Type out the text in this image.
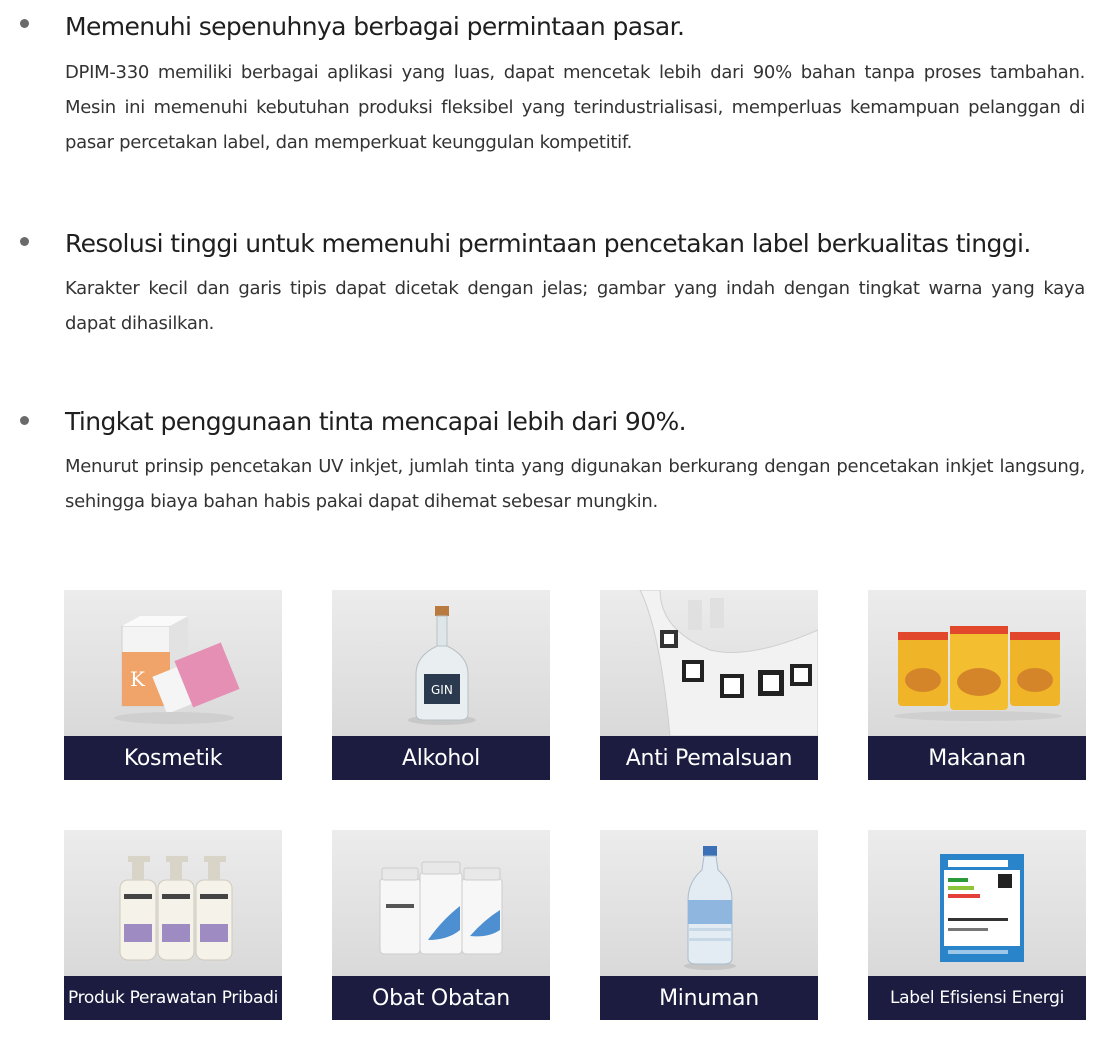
Memenuhi sepenuhnya berbagai permintaan pasar.

DPIM-330 memiliki berbagai aplikasi yang luas, dapat mencetak lebih dari 90% bahan tanpa proses tambahan. Mesin ini memenuhi kebutuhan produksi fleksibel yang terindustrialisasi, memperluas kemampuan pelanggan di pasar percetakan label, dan memperkuat keunggulan kompetitif.

Resolusi tinggi untuk memenuhi permintaan pencetakan label berkualitas tinggi.

Karakter kecil dan garis tipis dapat dicetak dengan jelas; gambar yang indah dengan tingkat warna yang kaya dapat dihasilkan.

Tingkat penggunaan tinta mencapai lebih dari 90%.

Menurut prinsip pencetakan UV inkjet, jumlah tinta yang digunakan berkurang dengan pencetakan inkjet langsung, sehingga biaya bahan habis pakai dapat dihemat sebesar mungkin.

K
Kosmetik
GIN
Alkohol	Anti Pemalsuan	Makanan
Produk Perawatan Pribadi	Obat Obatan	Minuman	Label Efisiensi Energi
